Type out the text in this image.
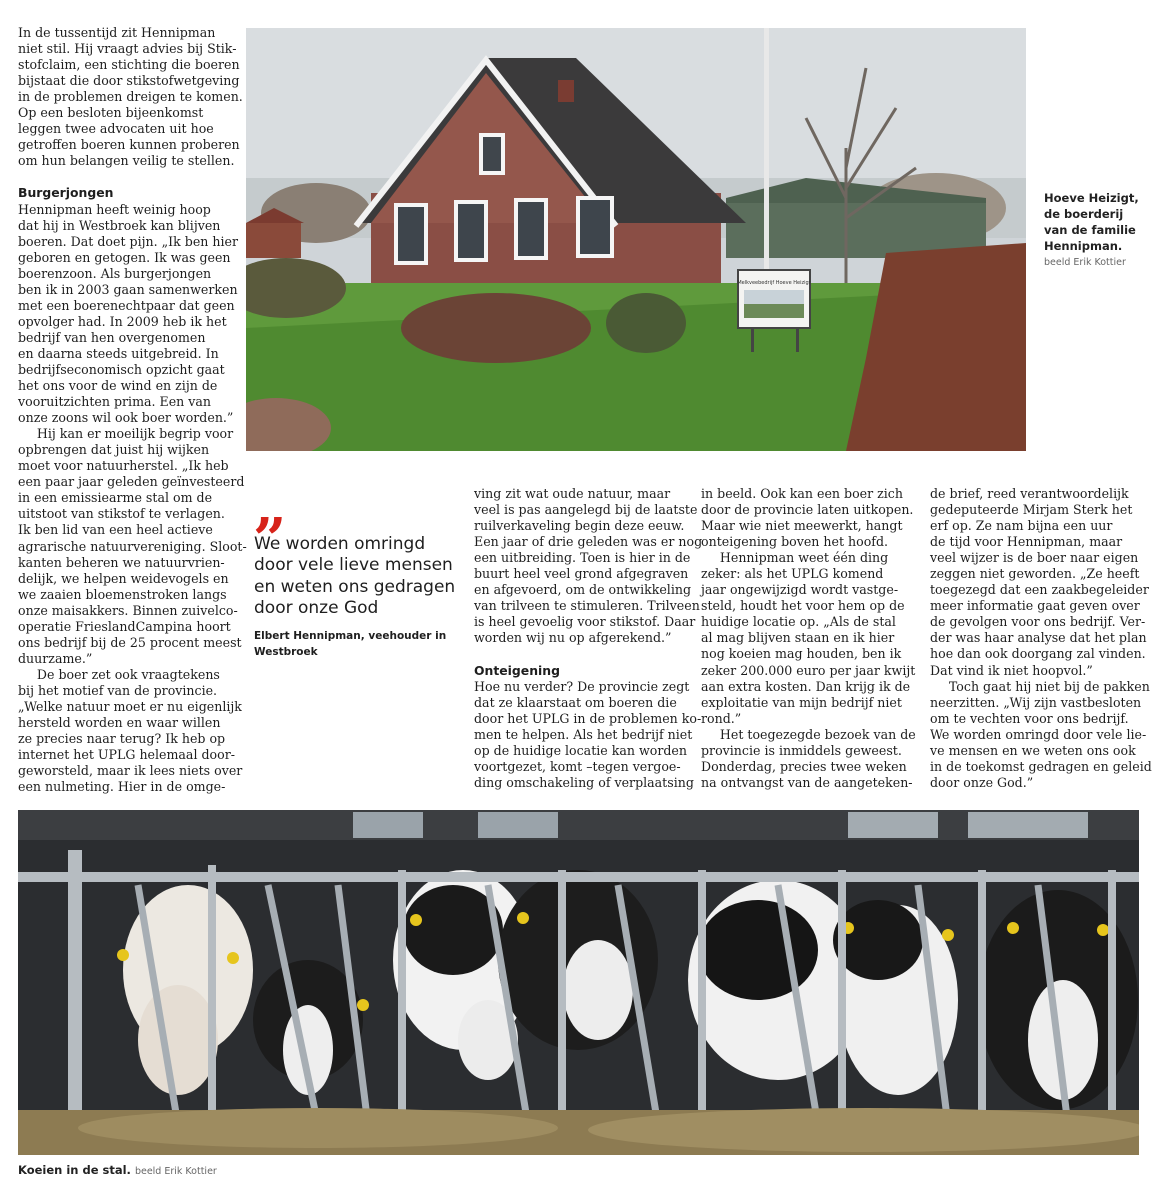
In de tussentijd zit Hennipman
niet stil. Hij vraagt advies bij Stik-
stofclaim, een stichting die boeren
bijstaat die door stikstofwetgeving
in de problemen dreigen te komen.
Op een besloten bijeenkomst
leggen twee advocaten uit hoe
getroffen boeren kunnen proberen
om hun belangen veilig te stellen.

Burgerjongen
Hennipman heeft weinig hoop
dat hij in Westbroek kan blijven
boeren. Dat doet pijn. „Ik ben hier
geboren en getogen. Ik was geen
boerenzoon. Als burgerjongen
ben ik in 2003 gaan samenwerken
met een boerenechtpaar dat geen
opvolger had. In 2009 heb ik het
bedrijf van hen overgenomen
en daarna steeds uitgebreid. In
bedrijfseconomisch opzicht gaat
het ons voor de wind en zijn de
vooruitzichten prima. Een van
onze zoons wil ook boer worden.”
  Hij kan er moeilijk begrip voor
opbrengen dat juist hij wijken
moet voor natuurherstel. „Ik heb
een paar jaar geleden geïnvesteerd
in een emissiearme stal om de
uitstoot van stikstof te verlagen.
Ik ben lid van een heel actieve
agrarische natuurvereniging. Sloot-
kanten beheren we natuurvrien-
delijk, we helpen weidevogels en
we zaaien bloemenstroken langs
onze maisakkers. Binnen zuivelco-
operatie FrieslandCampina hoort
ons bedrijf bij de 25 procent meest
duurzame.”
  De boer zet ook vraagtekens
bij het motief van de provincie.
„Welke natuur moet er nu eigenlijk
hersteld worden en waar willen
ze precies naar terug? Ik heb op
internet het UPLG helemaal door-
geworsteld, maar ik lees niets over
een nulmeting. Hier in de omge-
Melkveebedrijf Hoeve Heizigt
Hoeve Heizigt,
de boerderij
van de familie
Hennipman.
beeld Erik Kottier
„
We worden omringd
door vele lieve mensen
en weten ons gedragen
door onze God
Elbert Hennipman, veehouder in
Westbroek
ving zit wat oude natuur, maar
veel is pas aangelegd bij de laatste
ruilverkaveling begin deze eeuw.
Een jaar of drie geleden was er nog
een uitbreiding. Toen is hier in de
buurt heel veel grond afgegraven
en afgevoerd, om de ontwikkeling
van trilveen te stimuleren. Trilveen
is heel gevoelig voor stikstof. Daar
worden wij nu op afgerekend.”

Onteigening
Hoe nu verder? De provincie zegt
dat ze klaarstaat om boeren die
door het UPLG in de problemen ko-
men te helpen. Als het bedrijf niet
op de huidige locatie kan worden
voortgezet, komt –tegen vergoe-
ding omschakeling of verplaatsing
in beeld. Ook kan een boer zich
door de provincie laten uitkopen.
Maar wie niet meewerkt, hangt
onteigening boven het hoofd.
  Hennipman weet één ding
zeker: als het UPLG komend
jaar ongewijzigd wordt vastge-
steld, houdt het voor hem op de
huidige locatie op. „Als de stal
al mag blijven staan en ik hier
nog koeien mag houden, ben ik
zeker 200.000 euro per jaar kwijt
aan extra kosten. Dan krijg ik de
exploitatie van mijn bedrijf niet
rond.”
  Het toegezegde bezoek van de
provincie is inmiddels geweest.
Donderdag, precies twee weken
na ontvangst van de aangeteken-
de brief, reed verantwoordelijk
gedeputeerde Mirjam Sterk het
erf op. Ze nam bijna een uur
de tijd voor Hennipman, maar
veel wijzer is de boer naar eigen
zeggen niet geworden. „Ze heeft
toegezegd dat een zaakbegeleider
meer informatie gaat geven over
de gevolgen voor ons bedrijf. Ver-
der was haar analyse dat het plan
hoe dan ook doorgang zal vinden.
Dat vind ik niet hoopvol.”
  Toch gaat hij niet bij de pakken
neerzitten. „Wij zijn vastbesloten
om te vechten voor ons bedrijf.
We worden omringd door vele lie-
ve mensen en we weten ons ook
in de toekomst gedragen en geleid
door onze God.”
Koeien in de stal. beeld Erik Kottier
